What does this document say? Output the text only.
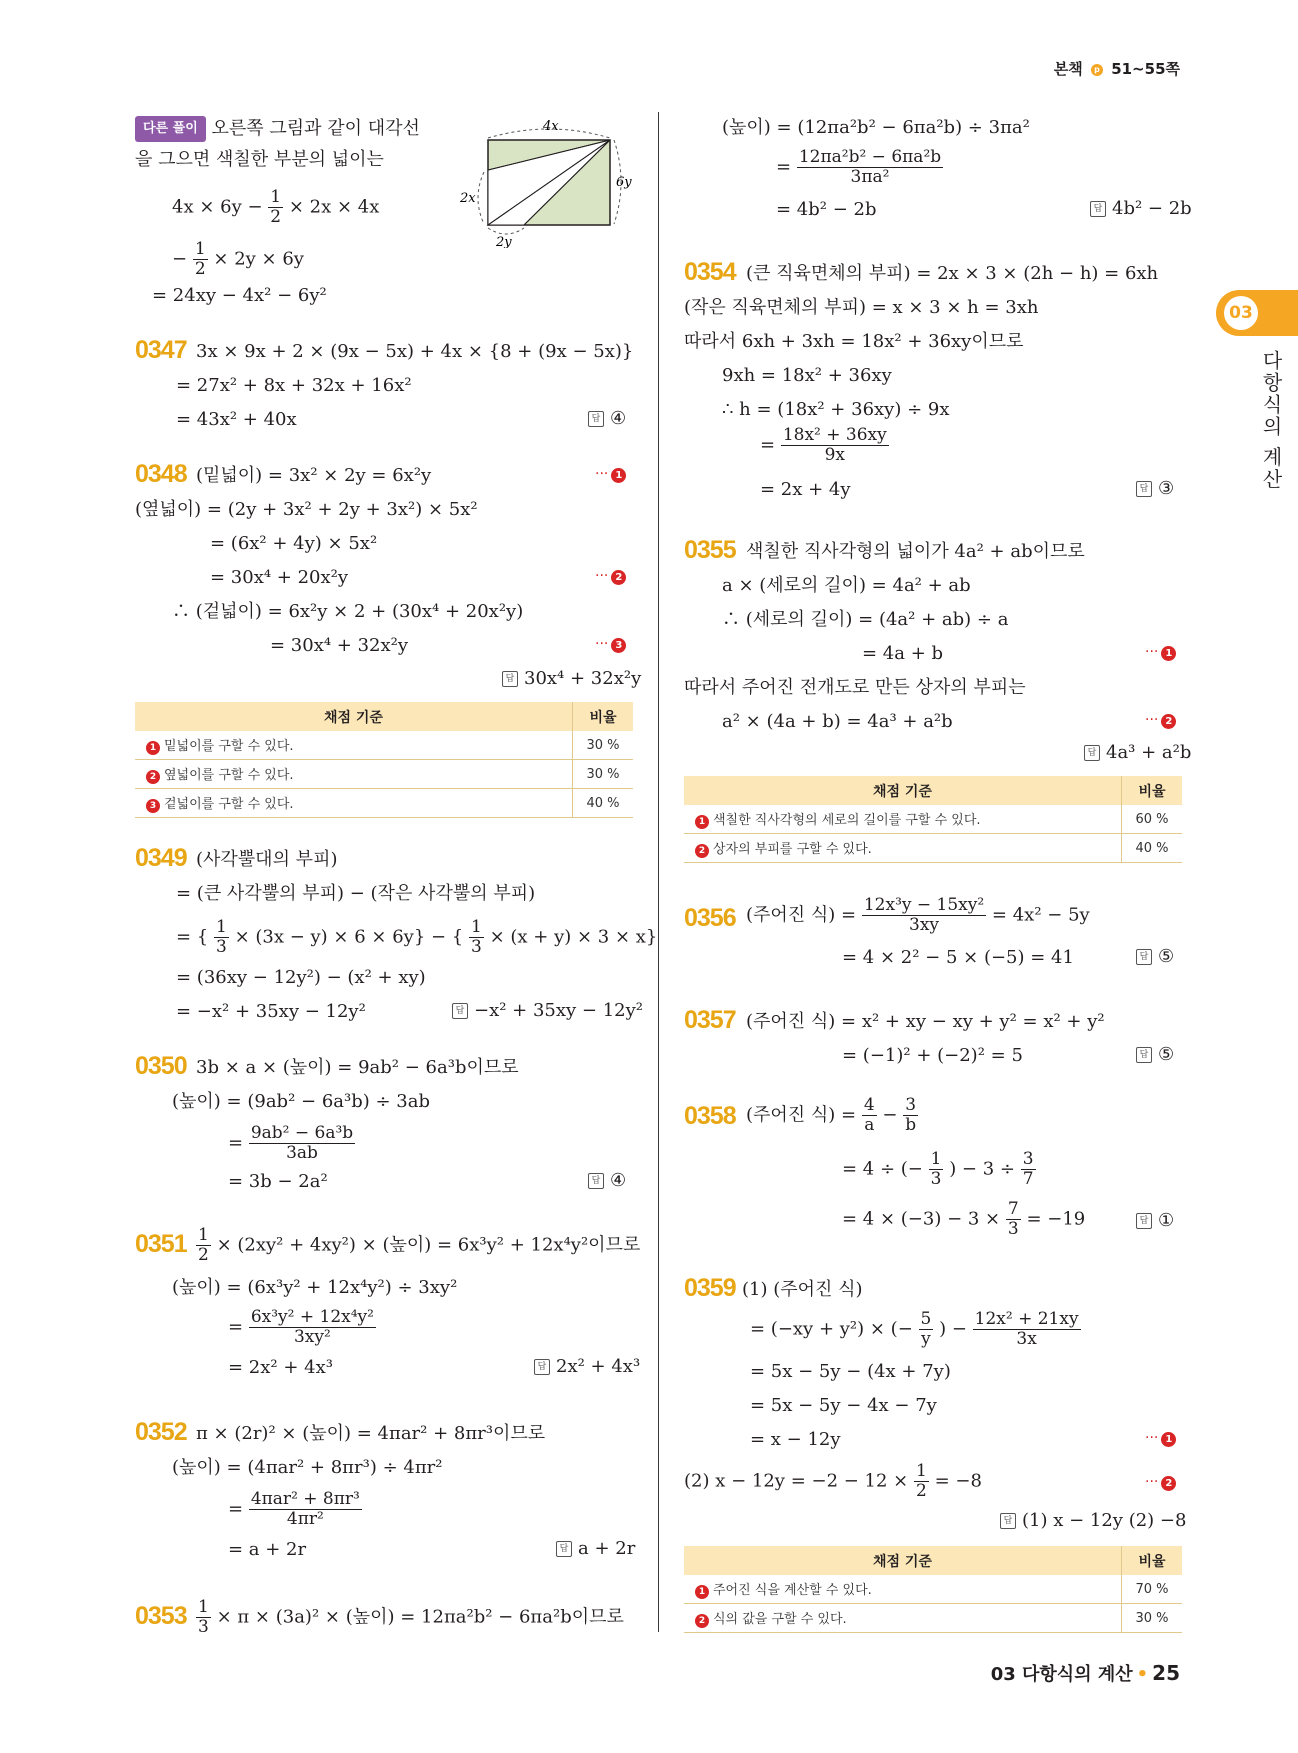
본책 p 51~55쪽
03
다항식의 계산
다른 풀이 오른쪽 그림과 같이 대각선
을 그으면 색칠한 부분의 넓이는
4x
2x
6y
2y
$4x \times 6y - \frac{1}{2} \times 2x \times 4x$
− $\frac{1}{2} \times 2y \times 6y$
= 24xy − 4x² − 6y²
0347 3x × 9x + 2 × (9x − 5x) + 4x × {8 + (9x − 5x)}
= 27x² + 8x + 32x + 16x²
= 43x² + 40x	답 ④
0348 (밑넓이) = 3x² × 2y = 6x²y	··· 1
(옆넓이) = (2y + 3x² + 2y + 3x²) × 5x²
= (6x² + 4y) × 5x²
= 30x⁴ + 20x²y	··· 2
∴ (겉넓이) = 6x²y × 2 + (30x⁴ + 20x²y)
= 30x⁴ + 32x²y	··· 3
답 30x⁴ + 32x²y
채점 기준	비율
1 밑넓이를 구할 수 있다.	30 %
2 옆넓이를 구할 수 있다.	30 %
3 겉넓이를 구할 수 있다.	40 %
0349 (사각뿔대의 부피)
= (큰 사각뿔의 부피) − (작은 사각뿔의 부피)
= { $\frac{1}{3} \times (3x - y) \times 6 \times 6y$} − { $\frac{1}{3} \times (x + y) \times 3 \times x$}
= (36xy − 12y²) − (x² + xy)
= −x² + 35xy − 12y²	답 −x² + 35xy − 12y²
0350 3b × a × (높이) = 9ab² − 6a³b이므로
(높이) = (9ab² − 6a³b) ÷ 3ab
= $\frac{\text{9ab² − 6a³b}}{3ab}$
= 3b − 2a²	답 ④
$0351 \frac{1}{2} \times (2xy^2 + 4xy^2)$ × (높이) = 6x³y² + 12x⁴y²이므로
(높이) = (6x³y² + 12x⁴y²) ÷ 3xy²
= $\frac{\text{6x³y² + 12x⁴y²}}{\text{3xy²}}$
= 2x² + 4x³	답 2x² + 4x³
0352 π × (2r)² × (높이) = 4πar² + 8πr³이므로
(높이) = (4πar² + 8πr³) ÷ 4πr²
= $\frac{\text{4πar² + 8πr³}}{\text{4πr²}}$
= a + 2r	답 a + 2r
$0353 \frac{1}{3} \times \pi \times (3a)^2$ × (높이) = 12πa²b² − 6πa²b이므로
(높이) = (12πa²b² − 6πa²b) ÷ 3πa²
= $\frac{\text{12πa²b² − 6πa²b}}{\text{3πa²}}$
= 4b² − 2b	답 4b² − 2b
0354 (큰 직육면체의 부피) = 2x × 3 × (2h − h) = 6xh
(작은 직육면체의 부피) = x × 3 × h = 3xh
따라서 6xh + 3xh = 18x² + 36xy이므로
9xh = 18x² + 36xy
∴ h = (18x² + 36xy) ÷ 9x
= $\frac{\text{18x² + 36xy}}{9x}$
= 2x + 4y	답 ③
0355 색칠한 직사각형의 넓이가 4a² + ab이므로
a × (세로의 길이) = 4a² + ab
∴ (세로의 길이) = (4a² + ab) ÷ a
= 4a + b	··· 1
따라서 주어진 전개도로 만든 상자의 부피는
a² × (4a + b) = 4a³ + a²b	··· 2
답 4a³ + a²b
채점 기준	비율
1 색칠한 직사각형의 세로의 길이를 구할 수 있다.	60 %
2 상자의 부피를 구할 수 있다.	40 %
0356 (주어진 식) = $\frac{\text{12x³y − 15xy²}}{3xy} = 4x^2 - 5y$
= 4 × 2² − 5 × (−5) = 41	답 ⑤
0357 (주어진 식) = x² + xy − xy + y² = x² + y²
= (−1)² + (−2)² = 5	답 ⑤
0358 (주어진 식) = $\frac{4}{a} - \frac{3}{b}$
= 4 ÷ (− $\frac{1}{3}$ ) − $3 \div \frac{3}{7}$
= $4 \times (-3) - 3 \times \frac{7}{3} = -19$	답 ①
0359 (1) (주어진 식)
= (−xy + y²) × (− $\frac{5}{y}$ ) − $\frac{\text{12x² + 21xy}}{3x}$
= 5x − 5y − (4x + 7y)
= 5x − 5y − 4x − 7y
= x − 12y	··· 1
(2) $x - 12y = -2 - 12 \times \frac{1}{2} = -8$	··· 2
답 (1) x − 12y (2) −8
채점 기준	비율
1 주어진 식을 계산할 수 있다.	70 %
2 식의 값을 구할 수 있다.	30 %
03 다항식의 계산 • 25
